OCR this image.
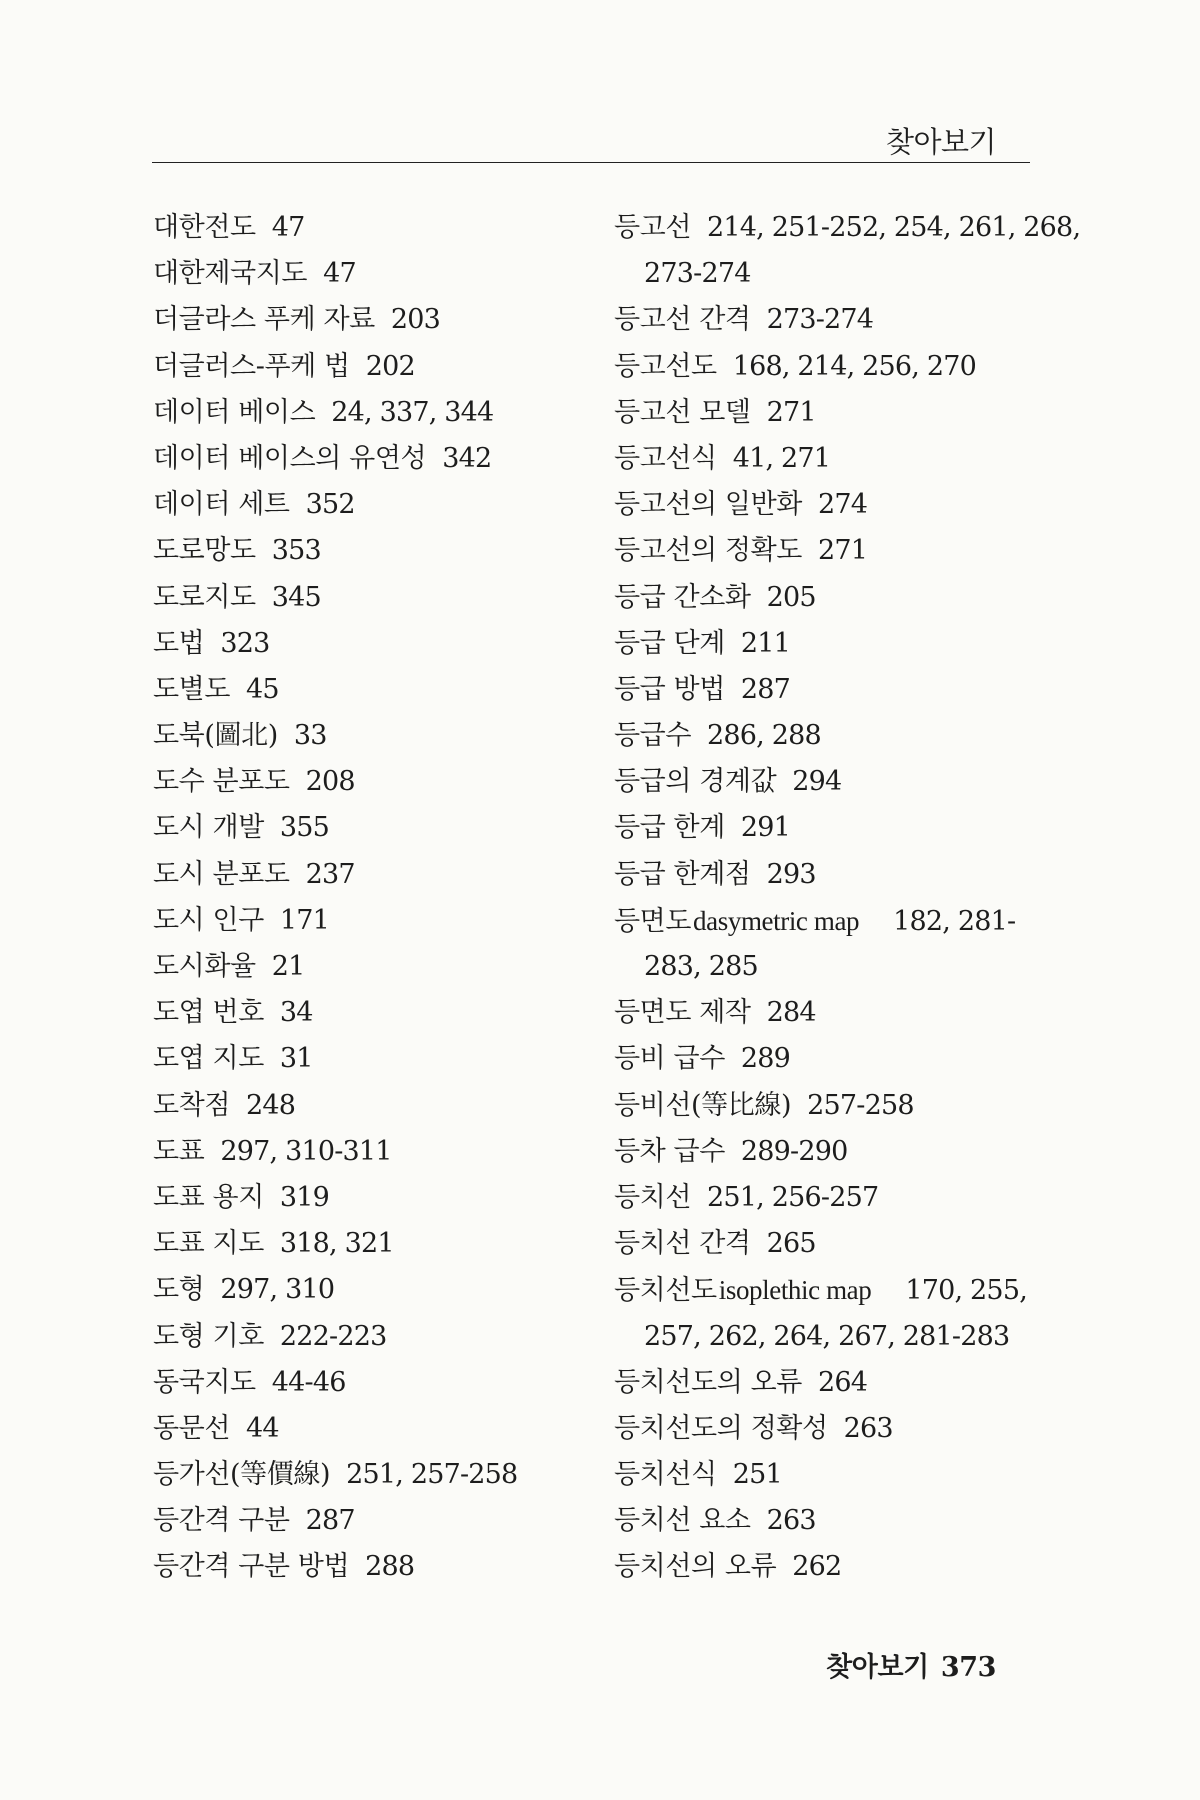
찾아보기
대한전도 47
대한제국지도 47
더글라스 푸케 자료 203
더글러스-푸케 법 202
데이터 베이스 24, 337, 344
데이터 베이스의 유연성 342
데이터 세트 352
도로망도 353
도로지도 345
도법 323
도별도 45
도북(圖北) 33
도수 분포도 208
도시 개발 355
도시 분포도 237
도시 인구 171
도시화율 21
도엽 번호 34
도엽 지도 31
도착점 248
도표 297, 310-311
도표 용지 319
도표 지도 318, 321
도형 297, 310
도형 기호 222-223
동국지도 44-46
동문선 44
등가선(等價線) 251, 257-258
등간격 구분 287
등간격 구분 방법 288
등고선 214, 251-252, 254, 261, 268,
273-274
등고선 간격 273-274
등고선도 168, 214, 256, 270
등고선 모델 271
등고선식 41, 271
등고선의 일반화 274
등고선의 정확도 271
등급 간소화 205
등급 단계 211
등급 방법 287
등급수 286, 288
등급의 경계값 294
등급 한계 291
등급 한계점 293
등면도dasymetric map 182, 281-
283, 285
등면도 제작 284
등비 급수 289
등비선(等比線) 257-258
등차 급수 289-290
등치선 251, 256-257
등치선 간격 265
등치선도isoplethic map 170, 255,
257, 262, 264, 267, 281-283
등치선도의 오류 264
등치선도의 정확성 263
등치선식 251
등치선 요소 263
등치선의 오류 262
찾아보기 373
